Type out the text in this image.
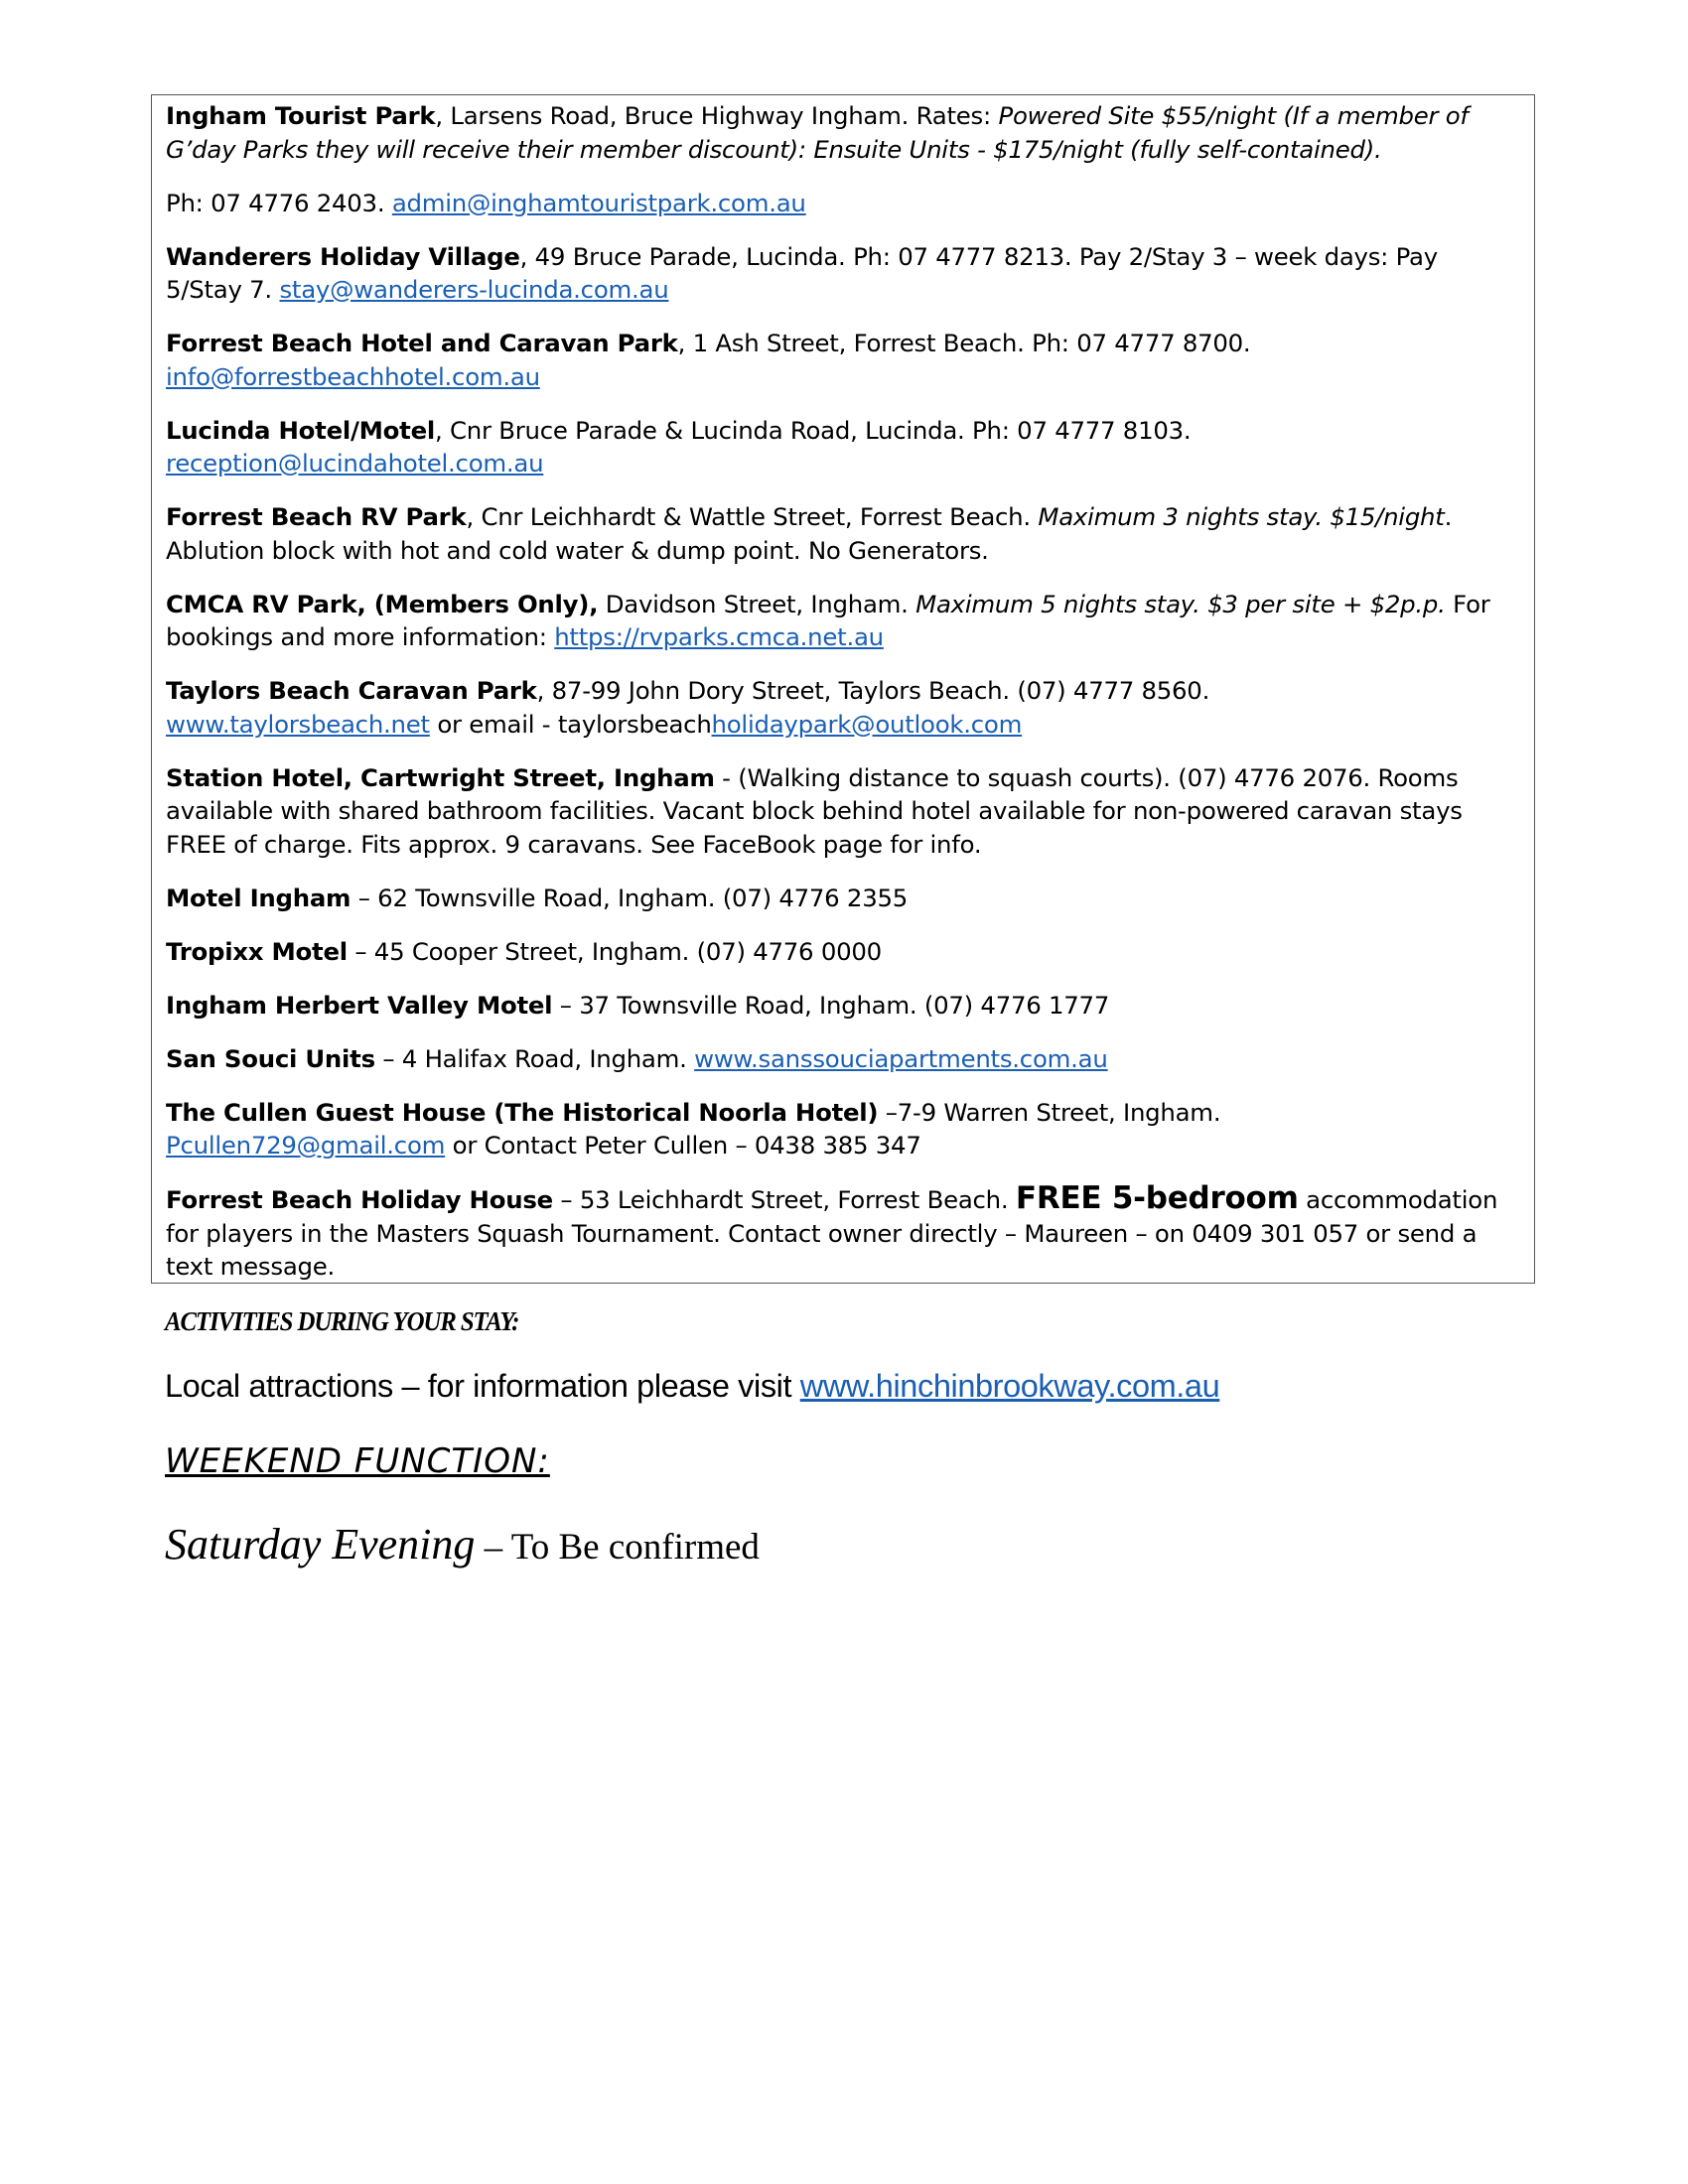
Ingham Tourist Park, Larsens Road, Bruce Highway Ingham. Rates: Powered Site $55/night (If a member of G’day Parks they will receive their member discount): Ensuite Units - $175/night (fully self-contained).
Ph: 07 4776 2403. admin@inghamtouristpark.com.au
Wanderers Holiday Village, 49 Bruce Parade, Lucinda. Ph: 07 4777 8213. Pay 2/Stay 3 – week days: Pay 5/Stay 7. stay@wanderers-lucinda.com.au
Forrest Beach Hotel and Caravan Park, 1 Ash Street, Forrest Beach. Ph: 07 4777 8700.
info@forrestbeachhotel.com.au
Lucinda Hotel/Motel, Cnr Bruce Parade & Lucinda Road, Lucinda. Ph: 07 4777 8103.
reception@lucindahotel.com.au
Forrest Beach RV Park, Cnr Leichhardt & Wattle Street, Forrest Beach. Maximum 3 nights stay. $15/night. Ablution block with hot and cold water & dump point. No Generators.
CMCA RV Park, (Members Only), Davidson Street, Ingham. Maximum 5 nights stay. $3 per site + $2p.p. For bookings and more information: https://rvparks.cmca.net.au
Taylors Beach Caravan Park, 87-99 John Dory Street, Taylors Beach. (07) 4777 8560.
www.taylorsbeach.net or email - taylorsbeachholidaypark@outlook.com
Station Hotel, Cartwright Street, Ingham - (Walking distance to squash courts). (07) 4776 2076. Rooms available with shared bathroom facilities. Vacant block behind hotel available for non-powered caravan stays FREE of charge. Fits approx. 9 caravans. See FaceBook page for info.
Motel Ingham – 62 Townsville Road, Ingham. (07) 4776 2355
Tropixx Motel – 45 Cooper Street, Ingham. (07) 4776 0000
Ingham Herbert Valley Motel – 37 Townsville Road, Ingham. (07) 4776 1777
San Souci Units – 4 Halifax Road, Ingham. www.sanssouciapartments.com.au
The Cullen Guest House (The Historical Noorla Hotel) –7-9 Warren Street, Ingham.
Pcullen729@gmail.com or Contact Peter Cullen – 0438 385 347
Forrest Beach Holiday House – 53 Leichhardt Street, Forrest Beach. FREE 5-bedroom accommodation for players in the Masters Squash Tournament. Contact owner directly – Maureen – on 0409 301 057 or send a text message.
ACTIVITIES DURING YOUR STAY:
Local attractions – for information please visit www.hinchinbrookway.com.au
WEEKEND FUNCTION:
Saturday Evening – To Be confirmed
